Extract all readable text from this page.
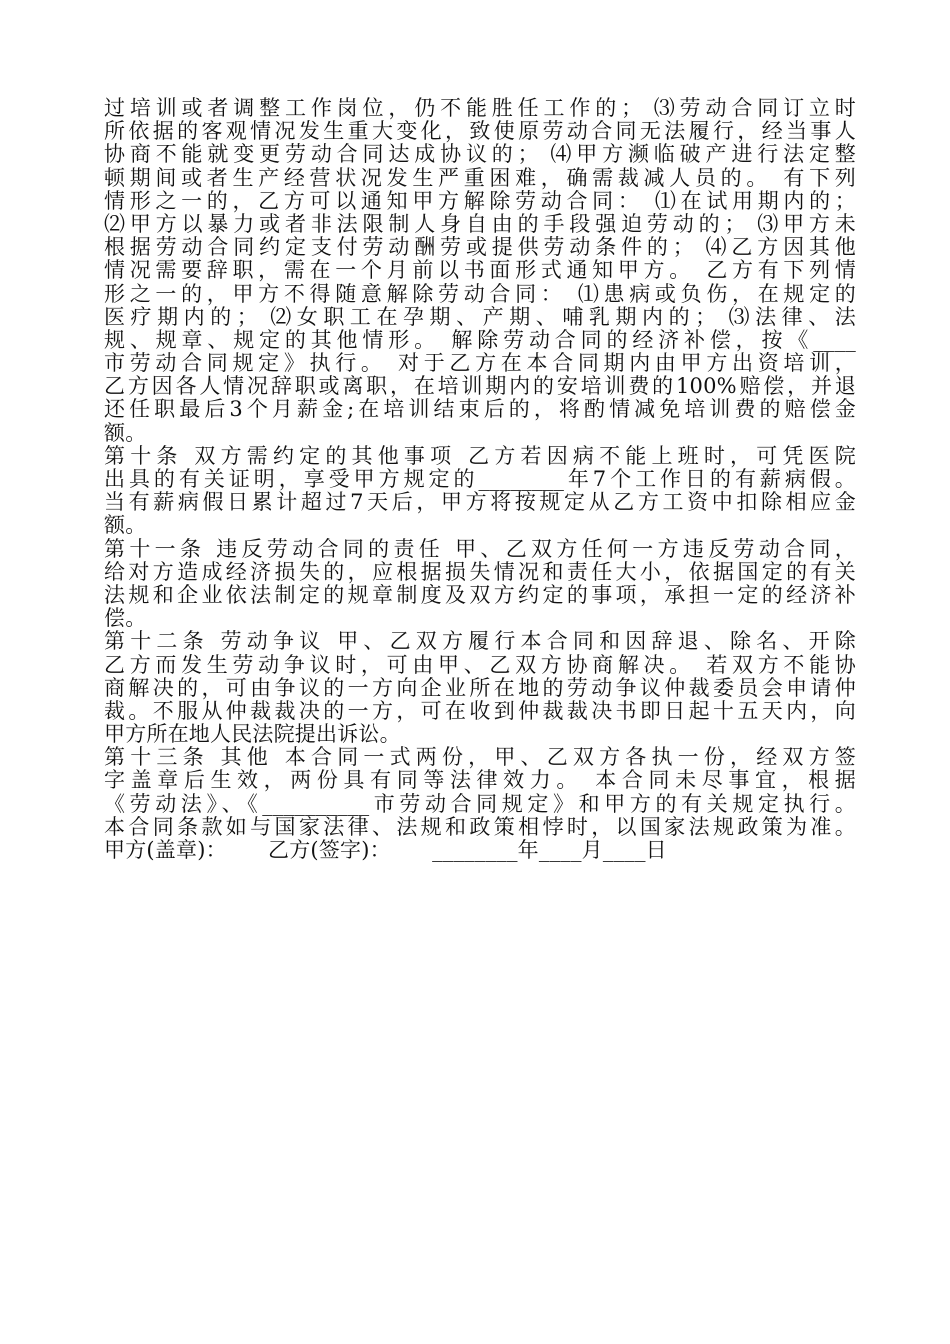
过培训或者调整工作岗位，仍不能胜任工作的； ⑶劳动合同订立时
所依据的客观情况发生重大变化，致使原劳动合同无法履行，经当事人
协商不能就变更劳动合同达成协议的； ⑷甲方濒临破产进行法定整
顿期间或者生产经营状况发生严重困难，确需裁减人员的。 有下列
情形之一的，乙方可以通知甲方解除劳动合同： ⑴在试用期内的；
⑵甲方以暴力或者非法限制人身自由的手段强迫劳动的； ⑶甲方未
根据劳动合同约定支付劳动酬劳或提供劳动条件的； ⑷乙方因其他
情况需要辞职，需在一个月前以书面形式通知甲方。 乙方有下列情
形之一的，甲方不得随意解除劳动合同： ⑴患病或负伤，在规定的
医疗期内的； ⑵女职工在孕期、产期、哺乳期内的； ⑶法律、法
规、规章、规定的其他情形。 解除劳动合同的经济补偿，按《____
市劳动合同规定》执行。 对于乙方在本合同期内由甲方出资培训，
乙方因各人情况辞职或离职，在培训期内的安培训费的100%赔偿，并退
还任职最后3个月薪金;在培训结束后的，将酌情减免培训费的赔偿金
额。
第十条 双方需约定的其他事项 乙方若因病不能上班时，可凭医院
出具的有关证明，享受甲方规定的________年7个工作日的有薪病假。
当有薪病假日累计超过7天后，甲方将按规定从乙方工资中扣除相应金
额。
第十一条 违反劳动合同的责任 甲、乙双方任何一方违反劳动合同，
给对方造成经济损失的，应根据损失情况和责任大小，依据国定的有关
法规和企业依法制定的规章制度及双方约定的事项，承担一定的经济补
偿。
第十二条 劳动争议 甲、乙双方履行本合同和因辞退、除名、开除
乙方而发生劳动争议时，可由甲、乙双方协商解决。 若双方不能协
商解决的，可由争议的一方向企业所在地的劳动争议仲裁委员会申请仲
裁。不服从仲裁裁决的一方，可在收到仲裁裁决书即日起十五天内，向
甲方所在地人民法院提出诉讼。
第十三条 其他 本合同一式两份，甲、乙双方各执一份，经双方签
字盖章后生效，两份具有同等法律效力。 本合同未尽事宜，根据
《劳动法》、《__________市劳动合同规定》和甲方的有关规定执行。
本合同条款如与国家法律、法规和政策相悖时，以国家法规政策为准。
甲方(盖章)：      乙方(签字)：      ________年____月____日
